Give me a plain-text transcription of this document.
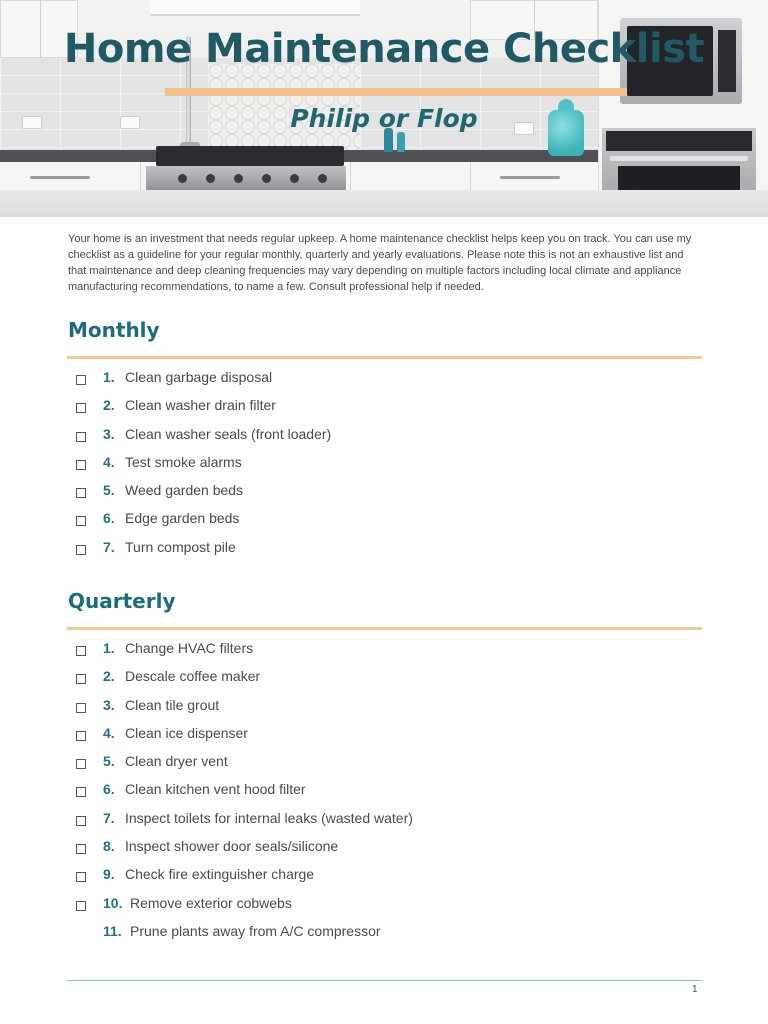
Home Maintenance Checklist
Philip or Flop

Your home is an investment that needs regular upkeep. A home maintenance checklist helps keep you on track. You can use my checklist as a guideline for your regular monthly, quarterly and yearly evaluations. Please note this is not an exhaustive list and that maintenance and deep cleaning frequencies may vary depending on multiple factors including local climate and appliance manufacturing recommendations, to name a few. Consult professional help if needed.

Monthly
1. Clean garbage disposal
2. Clean washer drain filter
3. Clean washer seals (front loader)
4. Test smoke alarms
5. Weed garden beds
6. Edge garden beds
7. Turn compost pile
Quarterly
1. Change HVAC filters
2. Descale coffee maker
3. Clean tile grout
4. Clean ice dispenser
5. Clean dryer vent
6. Clean kitchen vent hood filter
7. Inspect toilets for internal leaks (wasted water)
8. Inspect shower door seals/silicone
9. Check fire extinguisher charge
10. Remove exterior cobwebs
11. Prune plants away from A/C compressor
1
